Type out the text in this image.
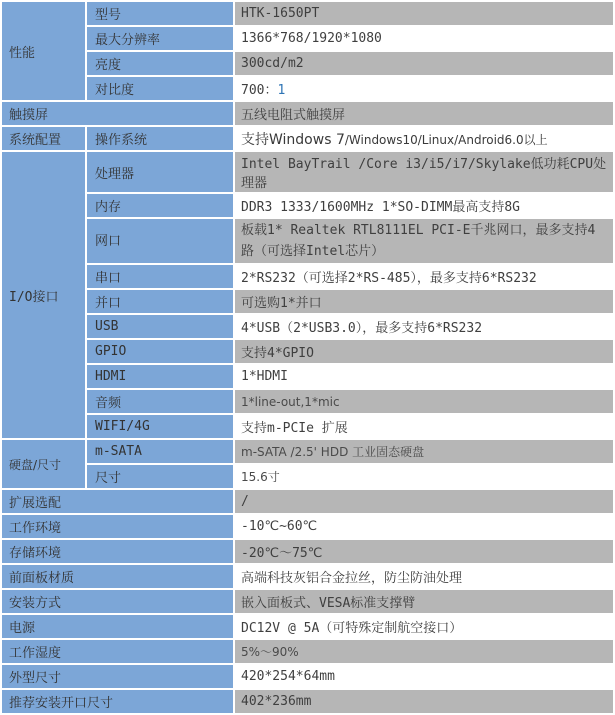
性能	型号	HTK-1650PT
	最大分辨率	1366*768/1920*1080
	亮度	300cd/m2
	对比度	700：1
触摸屏		五线电阻式触摸屏
系统配置	操作系统	支持Windows 7/Windows10/Linux/Android6.0以上
I/O接口	处理器	Intel BayTrail /Core i3/i5/i7/Skylake低功耗CPU处理器
	内存	DDR3 1333/1600MHz 1*SO-DIMM最高支持8G
	网口	板载1* Realtek RTL8111EL PCI-E千兆网口，最多支持4路（可选择Intel芯片）
	串口	2*RS232（可选择2*RS-485），最多支持6*RS232
	并口	可选购1*并口
	USB	4*USB（2*USB3.0），最多支持6*RS232
	GPIO	支持4*GPIO
	HDMI	1*HDMI
	音频	1*line-out,1*mic
	WIFI/4G	支持m-PCIe 扩展
硬盘/尺寸	m-SATA	m-SATA /2.5' HDD 工业固态硬盘
	尺寸	15.6寸
扩展选配		/
工作环境		-10℃~60℃
存储环境		-20℃～75℃
前面板材质		高端科技灰铝合金拉丝，防尘防油处理
安装方式		嵌入面板式、VESA标准支撑臂
电源		DC12V @ 5A（可特殊定制航空接口）
工作湿度		5%～90%
外型尺寸		420*254*64mm
推荐安装开口尺寸		402*236mm
